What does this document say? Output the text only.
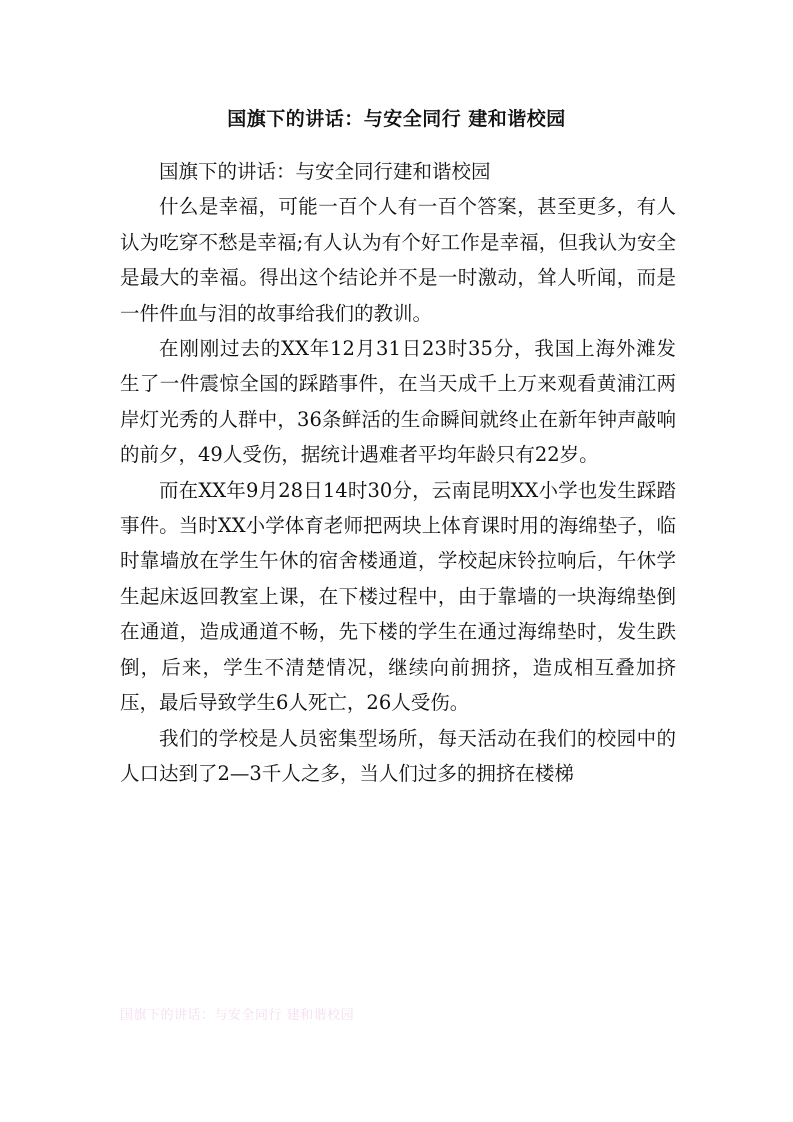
国旗下的讲话：与安全同行 建和谐校园

国旗下的讲话：与安全同行建和谐校园

什么是幸福，可能一百个人有一百个答案，甚至更多，有人认为吃穿不愁是幸福;有人认为有个好工作是幸福，但我认为安全是最大的幸福。得出这个结论并不是一时激动，耸人听闻，而是一件件血与泪的故事给我们的教训。

在刚刚过去的XX年12月31日23时35分，我国上海外滩发生了一件震惊全国的踩踏事件，在当天成千上万来观看黄浦江两岸灯光秀的人群中，36条鲜活的生命瞬间就终止在新年钟声敲响的前夕，49人受伤，据统计遇难者平均年龄只有22岁。

而在XX年9月28日14时30分，云南昆明XX小学也发生踩踏事件。当时XX小学体育老师把两块上体育课时用的海绵垫子，临时靠墙放在学生午休的宿舍楼通道，学校起床铃拉响后，午休学生起床返回教室上课，在下楼过程中，由于靠墙的一块海绵垫倒在通道，造成通道不畅，先下楼的学生在通过海绵垫时，发生跌倒，后来，学生不清楚情况，继续向前拥挤，造成相互叠加挤压，最后导致学生6人死亡，26人受伤。

我们的学校是人员密集型场所，每天活动在我们的校园中的人口达到了2—3千人之多，当人们过多的拥挤在楼梯

国旗下的讲话：与安全同行 建和谐校园
